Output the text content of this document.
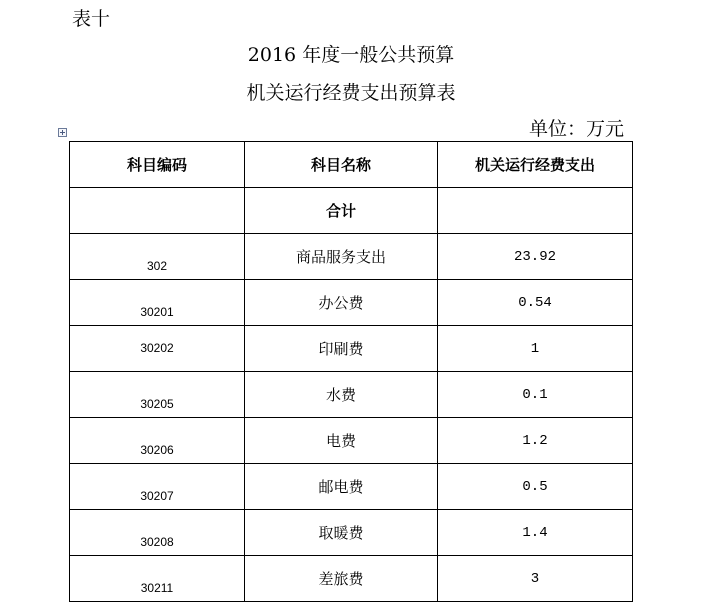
表十
2016 年度一般公共预算
机关运行经费支出预算表
单位：万元
科目编码	科目名称	机关运行经费支出

	合计	

302	商品服务支出	23.92

30201	办公费	0.54

30202	印刷费	1

30205	水费	0.1

30206	电费	1.2

30207	邮电费	0.5

30208	取暖费	1.4

30211	差旅费	3
